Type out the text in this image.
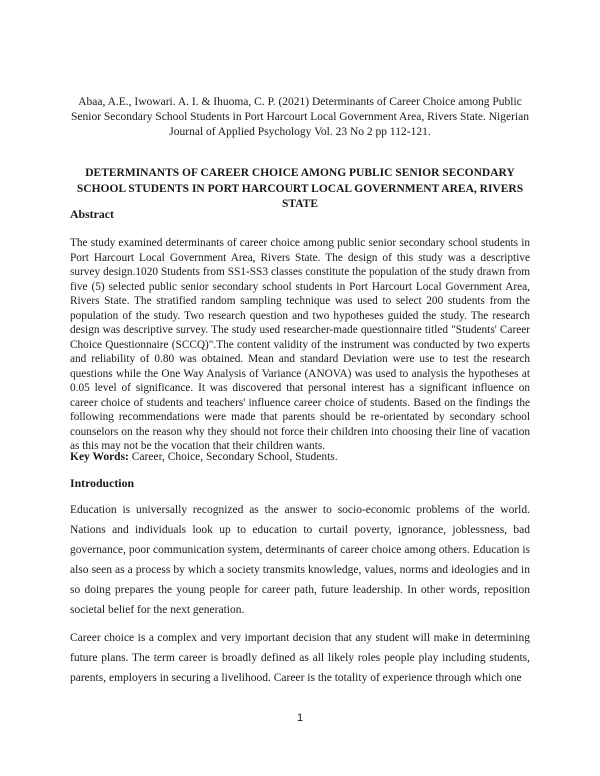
Abaa, A.E., Iwowari. A. I. & Ihuoma, C. P. (2021) Determinants of Career Choice among Public Senior Secondary School Students in Port Harcourt Local Government Area, Rivers State. Nigerian Journal of Applied Psychology Vol. 23 No 2 pp 112-121.
DETERMINANTS OF CAREER CHOICE AMONG PUBLIC SENIOR SECONDARY SCHOOL STUDENTS IN PORT HARCOURT LOCAL GOVERNMENT AREA, RIVERS STATE
Abstract
The study examined determinants of career choice among public senior secondary school students in Port Harcourt Local Government Area, Rivers State. The design of this study was a descriptive survey design.1020 Students from SS1-SS3 classes constitute the population of the study drawn from five (5) selected public senior secondary school students in Port Harcourt Local Government Area, Rivers State. The stratified random sampling technique was used to select 200 students from the population of the study. Two research question and two hypotheses guided the study. The research design was descriptive survey. The study used researcher-made questionnaire titled "Students' Career Choice Questionnaire (SCCQ)".The content validity of the instrument was conducted by two experts and reliability of 0.80 was obtained. Mean and standard Deviation were use to test the research questions while the One Way Analysis of Variance (ANOVA) was used to analysis the hypotheses at 0.05 level of significance. It was discovered that personal interest has a significant influence on career choice of students and teachers' influence career choice of students. Based on the findings the following recommendations were made that parents should be re-orientated by secondary school counselors on the reason why they should not force their children into choosing their line of vacation as this may not be the vocation that their children wants.
Key Words: Career, Choice, Secondary School, Students.
Introduction
Education is universally recognized as the answer to socio-economic problems of the world. Nations and individuals look up to education to curtail poverty, ignorance, joblessness, bad governance, poor communication system, determinants of career choice among others. Education is also seen as a process by which a society transmits knowledge, values, norms and ideologies and in so doing prepares the young people for career path, future leadership. In other words, reposition societal belief for the next generation.
Career choice is a complex and very important decision that any student will make in determining future plans. The term career is broadly defined as all likely roles people play including students, parents, employers in securing a livelihood. Career is the totality of experience through which one
1
